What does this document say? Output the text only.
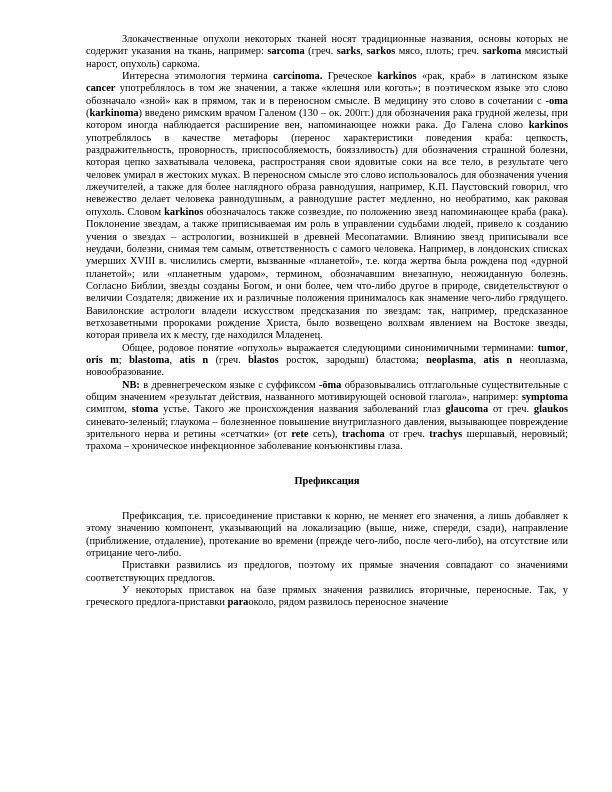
Злокачественные опухоли некоторых тканей носят традиционные названия, основы которых не содержит указания на ткань, например: sarcoma (греч. sarks, sarkos мясо, плоть; греч. sarkoma мясистый нарост, опухоль) саркома.

Интересна этимология термина carcinoma. Греческое karkinos «рак, краб» в латинском языке cancer употреблялось в том же значении, а также «клешня или коготь»; в поэтическом языке это слово обозначало «зной» как в прямом, так и в переносном смысле. В медицину это слово в сочетании с -oma (karkinoma) введено римским врачом Галеном (130 – ок. 200гг.) для обозначения рака грудной железы, при котором иногда наблюдается расширение вен, напоминающее ножки рака. До Галена слово karkinos употреблялось в качестве метафоры (перенос характеристики поведения краба: цепкость, раздражительность, проворность, приспособляемость, бояззливость) для обозначения страшной болезни, которая цепко захватывала человека, распространяя свои ядовитые соки на все тело, в результате чего человек умирал в жестоких муках. В переносном смысле это слово использовалось для обозначения учения лжеучителей, а также для более наглядного образа равнодушия, например, К.П. Паустовский говорил, что невежество делает человека равнодушным, а равнодушие растет медленно, но необратимо, как раковая опухоль. Словом karkinos обозначалось также созвездие, по положению звезд напоминающее краба (рака). Поклонение звездам, а также приписываемая им роль в управлении судьбами людей, привело к созданию учения о звездах – астрологии, возникшей в древней Месопатамии. Влиянию звезд приписывали все неудачи, болезни, снимая тем самым, ответственность с самого человека. Например, в лондонских списках умерших XVIII в. числились смерти, вызванные «планетой», т.е. когда жертва была рождена под «дурной планетой»; или «планетным ударом», термином, обозначавшим внезапную, неожиданную болезнь. Согласно Библии, звезды созданы Богом, и они более, чем что-либо другое в природе, свидетельствуют о величии Создателя; движение их и различные положения принималось как знамение чего-либо грядущего. Вавилонские астрологи владели искусством предсказания по звездам: так, например, предсказанное ветхозаветными пророками рождение Христа, было возвещено волхвам явлением на Востоке звезды, которая привела их к месту, где находился Младенец.

Общее, родовое понятие «опухоль» выражается следующими синонимичными терминами: tumor, oris m; blastoma, atis n (греч. blastos росток, зародыш) бластома; neoplasma, atis n неоплазма, новообразование.

NB: в древнегреческом языке с суффиксом -ōma образовывались отглагольные существительные с общим значением «результат действия, названного мотивирующей основой глагола», например: symptoma симптом, stoma устье. Такого же происхождения названия заболеваний глаз glaucoma от греч. glaukos синевато-зеленый; глаукома – болезненное повышение внутриглазного давления, вызывающее повреждение зрительного нерва и ретины «сетчатки» (от rete сеть), trachoma от греч. trachys шершавый, неровный; трахома – хроническое инфекционное заболевание конъюнктивы глаза.

Префиксация

Префиксация, т.е. присоединение приставки к корню, не меняет его значения, а лишь добавляет к этому значению компонент, указывающий на локализацию (выше, ниже, спереди, сзади), направление (приближение, отдаление), протекание во времени (прежде чего-либо, после чего-либо), на отсутствие или отрицание чего-либо.

Приставки развились из предлогов, поэтому их прямые значения совпадают со значениями соответствующих предлогов.

У некоторых приставок на базе прямых значения развились вторичные, переносные. Так, у греческого предлога-приставки paraоколо, рядом развилось переносное значение
